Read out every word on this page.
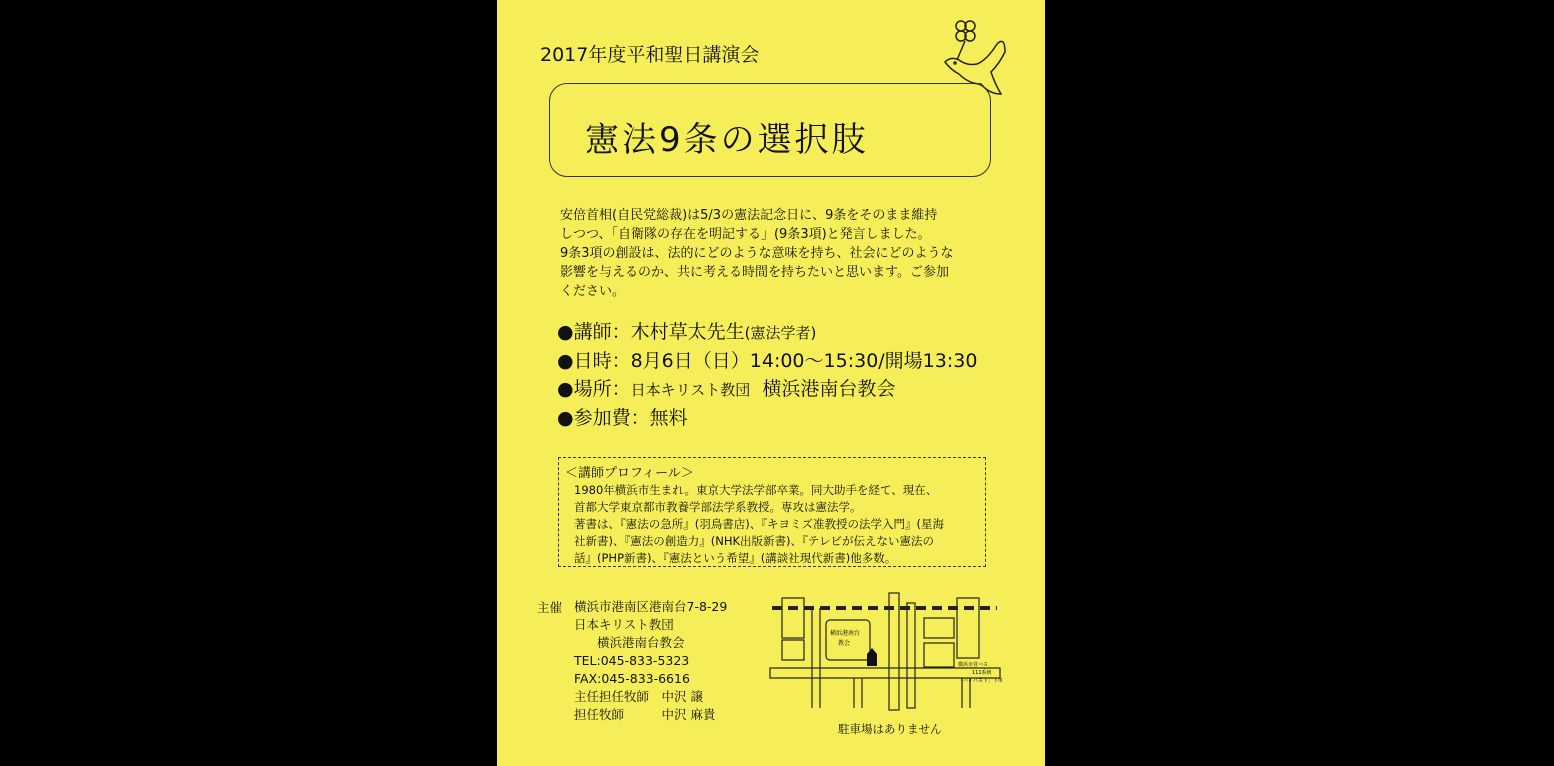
2017年度平和聖日講演会
憲法9条の選択肢
安倍首相(自民党総裁)は5/3の憲法記念日に、9条をそのまま維持
しつつ、「自衛隊の存在を明記する」(9条3項)と発言しました。
9条3項の創設は、法的にどのような意味を持ち、社会にどのような
影響を与えるのか、共に考える時間を持ちたいと思います。ご参加
ください。
●講師：木村草太先生(憲法学者)
●日時：8月6日（日）14:00～15:30/開場13:30
●場所：日本キリスト教団 横浜港南台教会
●参加費：無料
＜講師プロフィール＞
1980年横浜市生まれ。東京大学法学部卒業。同大助手を経て、現在、
首都大学東京都市教養学部法学系教授。専攻は憲法学。
著書は、『憲法の急所』(羽鳥書店)、『キヨミズ准教授の法学入門』(星海
社新書)、『憲法の創造力』(NHK出版新書)、『テレビが伝えない憲法の
話』(PHP新書)、『憲法という希望』(講談社現代新書)他多数。
主催 横浜市港南区港南台7-8-29
日本キリスト教団
横浜港南台教会
TEL:045-833-5323
FAX:045-833-6616
主任担任牧師　中沢 譲
担任牧師　　　中沢 麻貴
横浜港南台
教会
横浜市営バス
111系統
「バイパス下」下車
駐車場はありません
